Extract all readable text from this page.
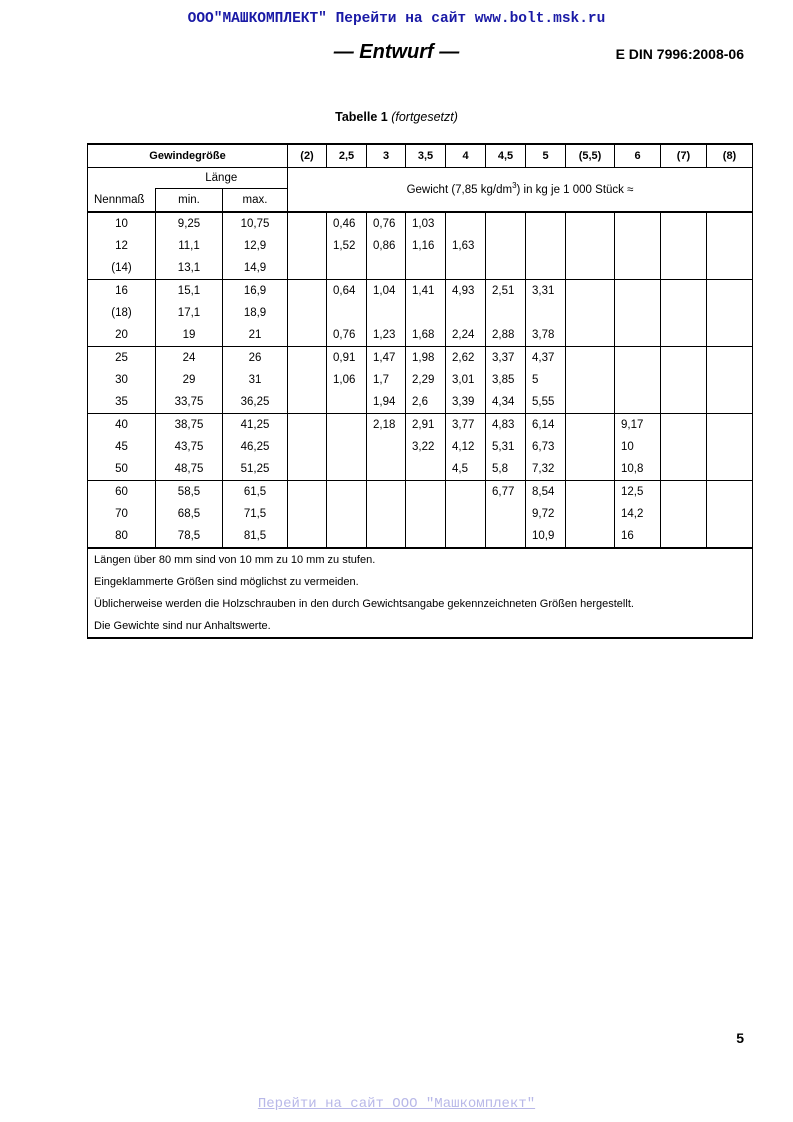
ООО"МАШКОМПЛЕКТ" Перейти на сайт www.bolt.msk.ru
— Entwurf —	E DIN 7996:2008-06
Tabelle 1 (fortgesetzt)
Gewindegröße			(2)	2,5	3	3,5	4	4,5	5	(5,5)	6	(7)	(8)
	Länge		Gewicht (7,85 $kg/dm^3$) in kg je 1 000 Stück ≈										
Nennmaß	min.	max.											
10	9,25	10,75		0,46	0,76	1,03							
12	11,1	12,9		1,52	0,86	1,16	1,63						
(14)	13,1	14,9											
16	15,1	16,9		0,64	1,04	1,41	4,93	2,51	3,31				
(18)	17,1	18,9											
20	19	21		0,76	1,23	1,68	2,24	2,88	3,78				
25	24	26		0,91	1,47	1,98	2,62	3,37	4,37				
30	29	31		1,06	1,7	2,29	3,01	3,85	5				
35	33,75	36,25			1,94	2,6	3,39	4,34	5,55				
40	38,75	41,25			2,18	2,91	3,77	4,83	6,14		9,17		
45	43,75	46,25				3,22	4,12	5,31	6,73		10		
50	48,75	51,25					4,5	5,8	7,32		10,8		
60	58,5	61,5						6,77	8,54		12,5		
70	68,5	71,5							9,72		14,2		
80	78,5	81,5							10,9		16		

Längen über 80 mm sind von 10 mm zu 10 mm zu stufen.

Eingeklammerte Größen sind möglichst zu vermeiden.

Üblicherweise werden die Holzschrauben in den durch Gewichtsangabe gekennzeichneten Größen hergestellt.

Die Gewichte sind nur Anhaltswerte.													

5
Перейти на сайт ООО "Машкомплект"
